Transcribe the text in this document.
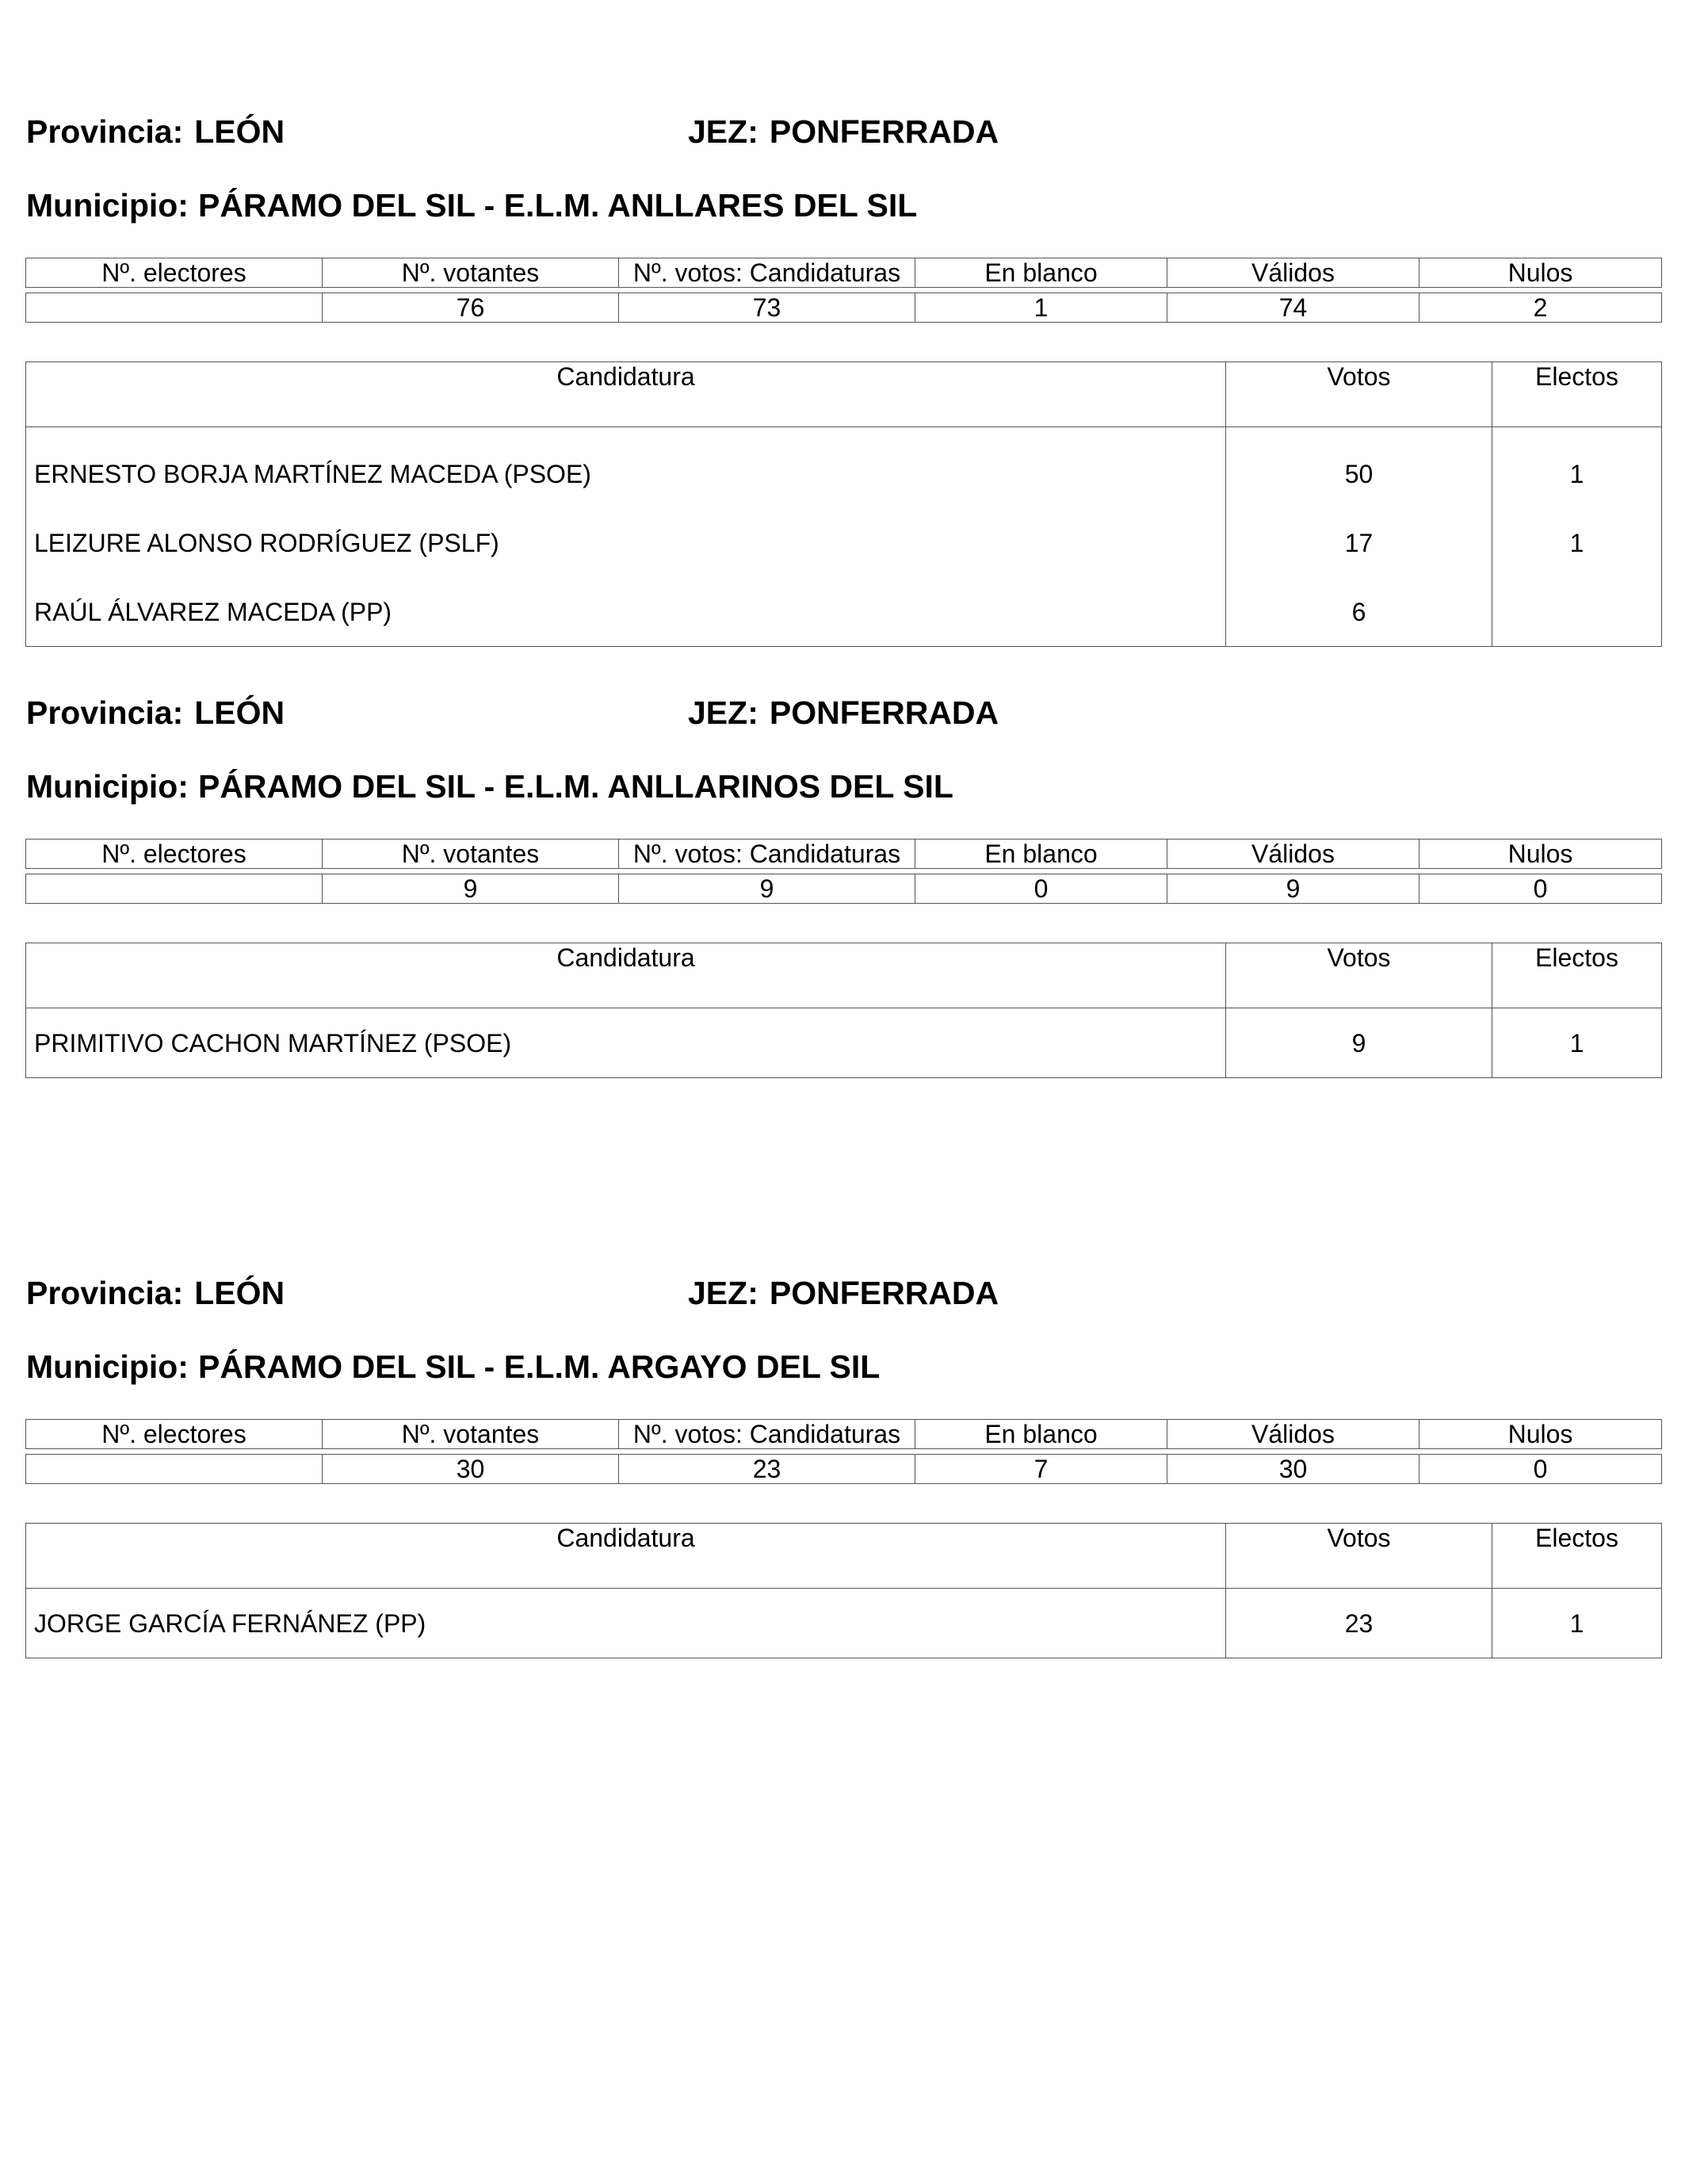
Provincia: LEÓN	JEZ: PONFERRADA
Municipio: PÁRAMO DEL SIL - E.L.M. ANLLARES DEL SIL
Nº. electores	Nº. votantes	Nº. votos: Candidaturas	En blanco	Válidos	Nulos

	76	73	1	74	2
Candidatura	Votos	Electos
ERNESTO BORJA MARTÍNEZ MACEDA (PSOE)	50	1
LEIZURE ALONSO RODRÍGUEZ (PSLF)	17	1
RAÚL ÁLVAREZ MACEDA (PP)	6	
Provincia: LEÓN	JEZ: PONFERRADA
Municipio: PÁRAMO DEL SIL - E.L.M. ANLLARINOS DEL SIL
Nº. electores	Nº. votantes	Nº. votos: Candidaturas	En blanco	Válidos	Nulos

	9	9	0	9	0
Candidatura	Votos	Electos
PRIMITIVO CACHON MARTÍNEZ (PSOE)	9	1
Provincia: LEÓN	JEZ: PONFERRADA
Municipio: PÁRAMO DEL SIL - E.L.M. ARGAYO DEL SIL
Nº. electores	Nº. votantes	Nº. votos: Candidaturas	En blanco	Válidos	Nulos

	30	23	7	30	0
Candidatura	Votos	Electos
JORGE GARCÍA FERNÁNEZ (PP)	23	1
